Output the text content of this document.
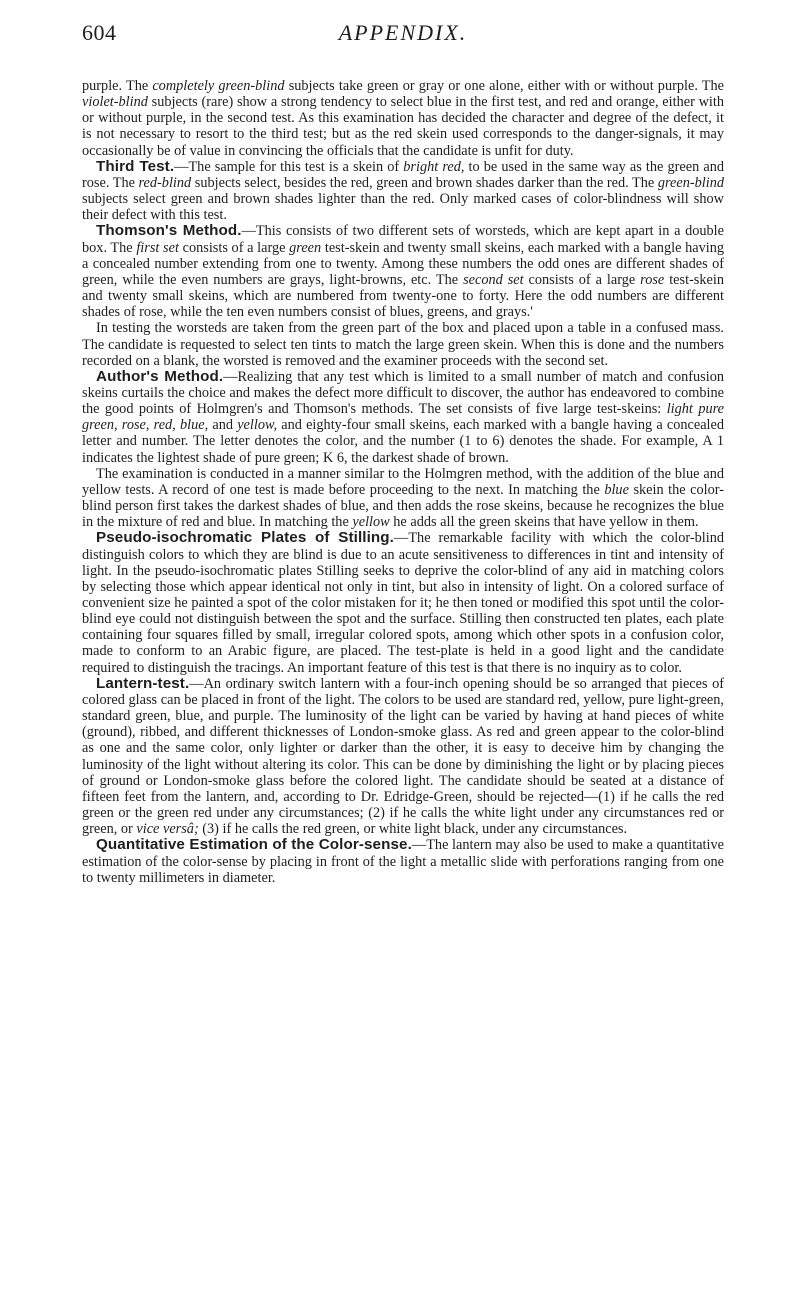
604	APPENDIX.

purple. The completely green-blind subjects take green or gray or one alone, either with or without purple. The violet-blind subjects (rare) show a strong tendency to select blue in the first test, and red and orange, either with or without purple, in the second test. As this examination has decided the character and degree of the defect, it is not necessary to resort to the third test; but as the red skein used corresponds to the danger-signals, it may occasionally be of value in convincing the officials that the candidate is unfit for duty.

Third Test.—The sample for this test is a skein of bright red, to be used in the same way as the green and rose. The red-blind subjects select, besides the red, green and brown shades darker than the red. The green-blind subjects select green and brown shades lighter than the red. Only marked cases of color-blindness will show their defect with this test.

Thomson's Method.—This consists of two different sets of worsteds, which are kept apart in a double box. The first set consists of a large green test-skein and twenty small skeins, each marked with a bangle having a concealed number extending from one to twenty. Among these numbers the odd ones are different shades of green, while the even numbers are grays, light-browns, etc. The second set consists of a large rose test-skein and twenty small skeins, which are numbered from twenty-one to forty. Here the odd numbers are different shades of rose, while the ten even numbers consist of blues, greens, and grays.'

In testing the worsteds are taken from the green part of the box and placed upon a table in a confused mass. The candidate is requested to select ten tints to match the large green skein. When this is done and the numbers recorded on a blank, the worsted is removed and the examiner proceeds with the second set.

Author's Method.—Realizing that any test which is limited to a small number of match and confusion skeins curtails the choice and makes the defect more difficult to discover, the author has endeavored to combine the good points of Holmgren's and Thomson's methods. The set consists of five large test-skeins: light pure green, rose, red, blue, and yellow, and eighty-four small skeins, each marked with a bangle having a concealed letter and number. The letter denotes the color, and the number (1 to 6) denotes the shade. For example, A 1 indicates the lightest shade of pure green; K 6, the darkest shade of brown.

The examination is conducted in a manner similar to the Holmgren method, with the addition of the blue and yellow tests. A record of one test is made before proceeding to the next. In matching the blue skein the color-blind person first takes the darkest shades of blue, and then adds the rose skeins, because he recognizes the blue in the mixture of red and blue. In matching the yellow he adds all the green skeins that have yellow in them.

Pseudo-isochromatic Plates of Stilling.—The remarkable facility with which the color-blind distinguish colors to which they are blind is due to an acute sensitiveness to differences in tint and intensity of light. In the pseudo-isochromatic plates Stilling seeks to deprive the color-blind of any aid in matching colors by selecting those which appear identical not only in tint, but also in intensity of light. On a colored surface of convenient size he painted a spot of the color mistaken for it; he then toned or modified this spot until the color-blind eye could not distinguish between the spot and the surface. Stilling then constructed ten plates, each plate containing four squares filled by small, irregular colored spots, among which other spots in a confusion color, made to conform to an Arabic figure, are placed. The test-plate is held in a good light and the candidate required to distinguish the tracings. An important feature of this test is that there is no inquiry as to color.

Lantern-test.—An ordinary switch lantern with a four-inch opening should be so arranged that pieces of colored glass can be placed in front of the light. The colors to be used are standard red, yellow, pure light-green, standard green, blue, and purple. The luminosity of the light can be varied by having at hand pieces of white (ground), ribbed, and different thicknesses of London-smoke glass. As red and green appear to the color-blind as one and the same color, only lighter or darker than the other, it is easy to deceive him by changing the luminosity of the light without altering its color. This can be done by diminishing the light or by placing pieces of ground or London-smoke glass before the colored light. The candidate should be seated at a distance of fifteen feet from the lantern, and, according to Dr. Edridge-Green, should be rejected—(1) if he calls the red green or the green red under any circumstances; (2) if he calls the white light under any circumstances red or green, or vice versâ; (3) if he calls the red green, or white light black, under any circumstances.

Quantitative Estimation of the Color-sense.—The lantern may also be used to make a quantitative estimation of the color-sense by placing in front of the light a metallic slide with perforations ranging from one to twenty millimeters in diameter.
